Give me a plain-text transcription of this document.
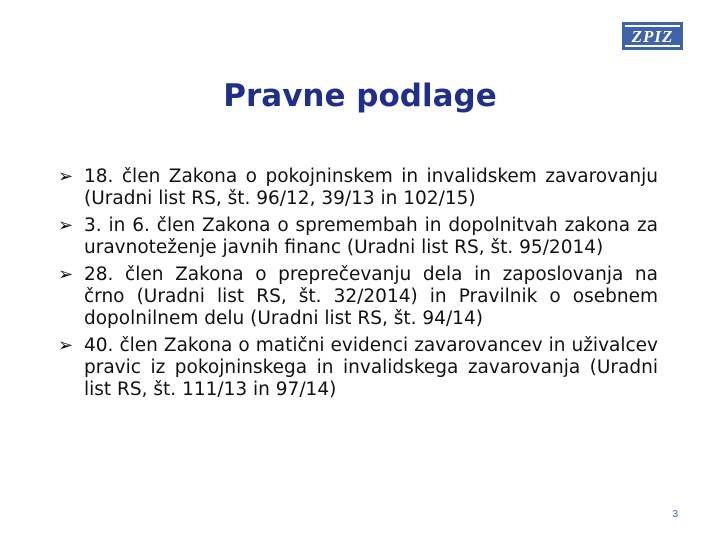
ZPIZ
Pravne podlage
➢ 18. člen Zakona o pokojninskem in invalidskem zavarovanju (Uradni list RS, št. 96/12, 39/13 in 102/15)
➢ 3. in 6. člen Zakona o spremembah in dopolnitvah zakona za uravnoteženje javnih financ (Uradni list RS, št. 95/2014)
➢ 28. člen Zakona o preprečevanju dela in zaposlovanja na črno (Uradni list RS, št. 32/2014) in Pravilnik o osebnem dopolnilnem delu (Uradni list RS, št. 94/14)
➢ 40. člen Zakona o matični evidenci zavarovancev in uživalcev pravic iz pokojninskega in invalidskega zavarovanja (Uradni list RS, št. 111/13 in 97/14)
3
